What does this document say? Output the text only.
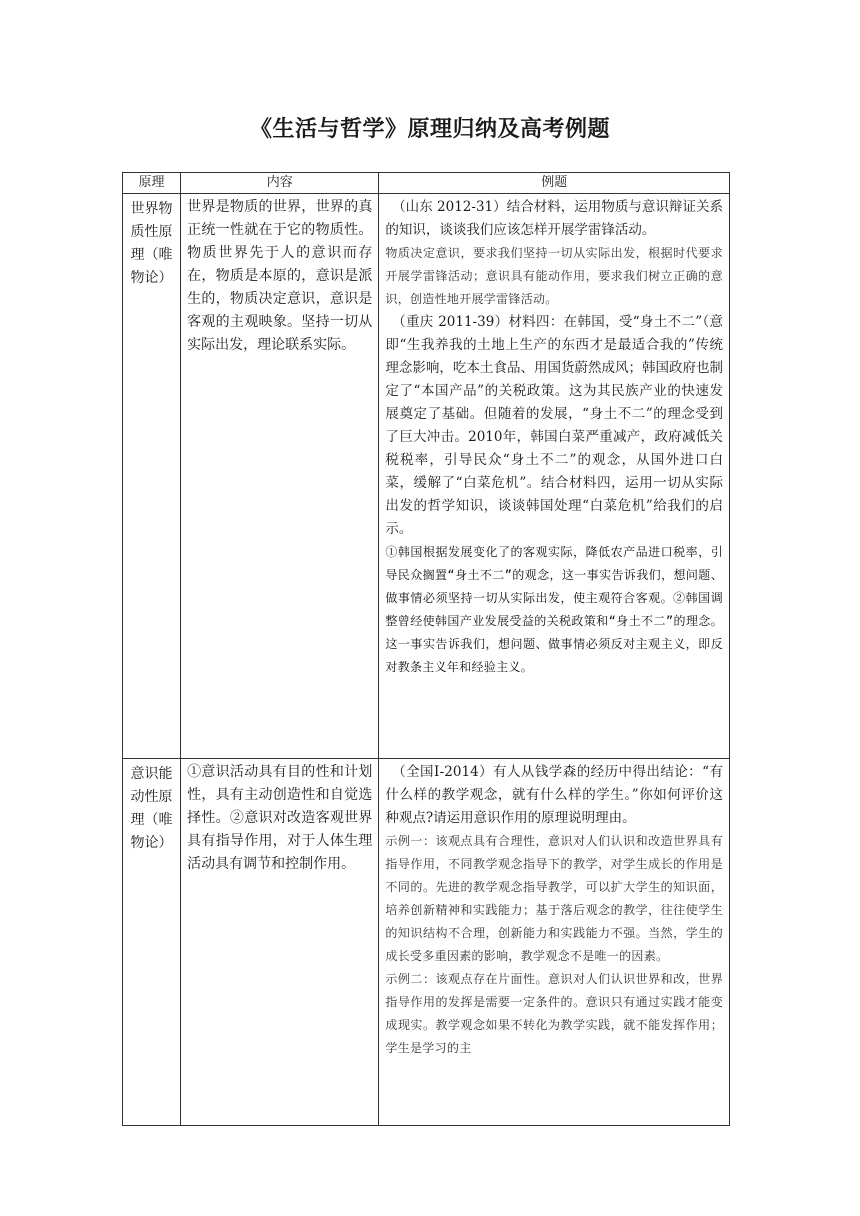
《生活与哲学》原理归纳及高考例题
原理	内容	例题
世界物质性原理（唯物论）	世界是物质的世界，世界的真正统一性就在于它的物质性。物质世界先于人的意识而存在，物质是本原的，意识是派生的，物质决定意识，意识是客观的主观映象。坚持一切从实际出发，理论联系实际。	（山东 2012-31）结合材料，运用物质与意识辩证关系的知识，谈谈我们应该怎样开展学雷锋活动。

物质决定意识，要求我们坚持一切从实际出发，根据时代要求开展学雷锋活动；意识具有能动作用，要求我们树立正确的意识，创造性地开展学雷锋活动。

（重庆 2011-39）材料四：在韩国，受“身土不二”（意即“生我养我的土地上生产的东西才是最适合我的”传统理念影响，吃本土食品、用国货蔚然成风；韩国政府也制定了“本国产品”的关税政策。这为其民族产业的快速发展奠定了基础。但随着的发展，“身土不二”的理念受到了巨大冲击。2010年，韩国白菜严重减产，政府减低关税税率，引导民众“身土不二”的观念，从国外进口白菜，缓解了“白菜危机”。结合材料四，运用一切从实际出发的哲学知识，谈谈韩国处理“白菜危机”给我们的启示。

①韩国根据发展变化了的客观实际，降低农产品进口税率，引导民众搁置“身土不二”的观念，这一事实告诉我们，想问题、做事情必须坚持一切从实际出发，使主观符合客观。②韩国调整曾经使韩国产业发展受益的关税政策和“身土不二”的理念。这一事实告诉我们，想问题、做事情必须反对主观主义，即反对教条主义年和经验主义。

意识能动性原理（唯物论）	①意识活动具有目的性和计划性，具有主动创造性和自觉选择性。②意识对改造客观世界具有指导作用，对于人体生理活动具有调节和控制作用。	（全国Ⅰ-2014）有人从钱学森的经历中得出结论：“有什么样的教学观念，就有什么样的学生。”你如何评价这种观点?请运用意识作用的原理说明理由。

示例一：该观点具有合理性，意识对人们认识和改造世界具有指导作用，不同教学观念指导下的教学，对学生成长的作用是不同的。先进的教学观念指导教学，可以扩大学生的知识面，培养创新精神和实践能力；基于落后观念的教学，往往使学生的知识结构不合理，创新能力和实践能力不强。当然，学生的成长受多重因素的影响，教学观念不是唯一的因素。

示例二：该观点存在片面性。意识对人们认识世界和改，世界指导作用的发挥是需要一定条件的。意识只有通过实践才能变成现实。教学观念如果不转化为教学实践，就不能发挥作用；学生是学习的主
